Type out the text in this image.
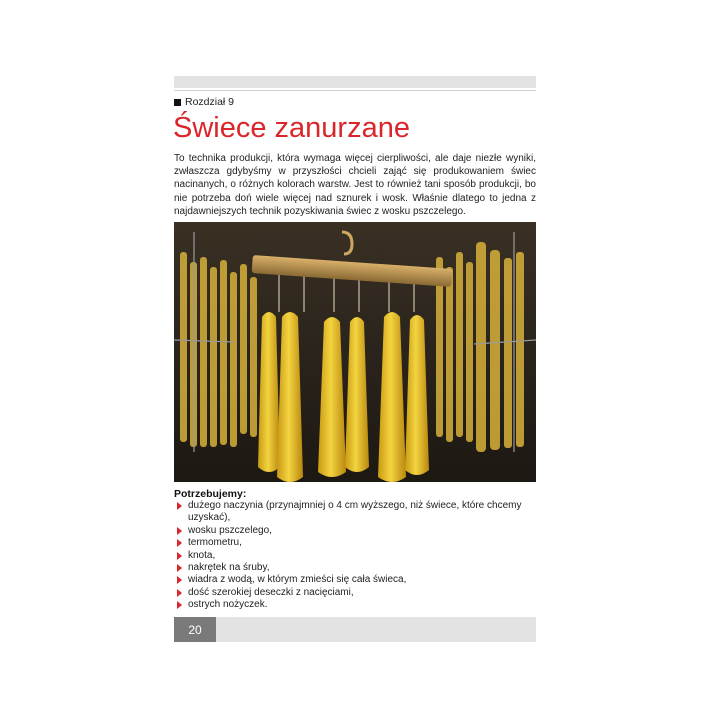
Rozdział 9
Świece zanurzane

To technika produkcji, która wymaga więcej cierpliwości, ale daje niezłe wyniki, zwłaszcza gdybyśmy w przyszłości chcieli zająć się produkowaniem świec nacinanych, o różnych kolorach warstw. Jest to również tani sposób produkcji, bo nie potrzeba doń wiele więcej nad sznurek i wosk. Właśnie dlatego to jedna z najdawniejszych technik pozyskiwania świec z wosku pszczelego.

Potrzebujemy:
dużego naczynia (przynajmniej o 4 cm wyższego, niż świece, które chcemy uzyskać),
wosku pszczelego,
termometru,
knota,
nakrętek na śruby,
wiadra z wodą, w którym zmieści się cała świeca,
dość szerokiej deseczki z nacięciami,
ostrych nożyczek.
20
